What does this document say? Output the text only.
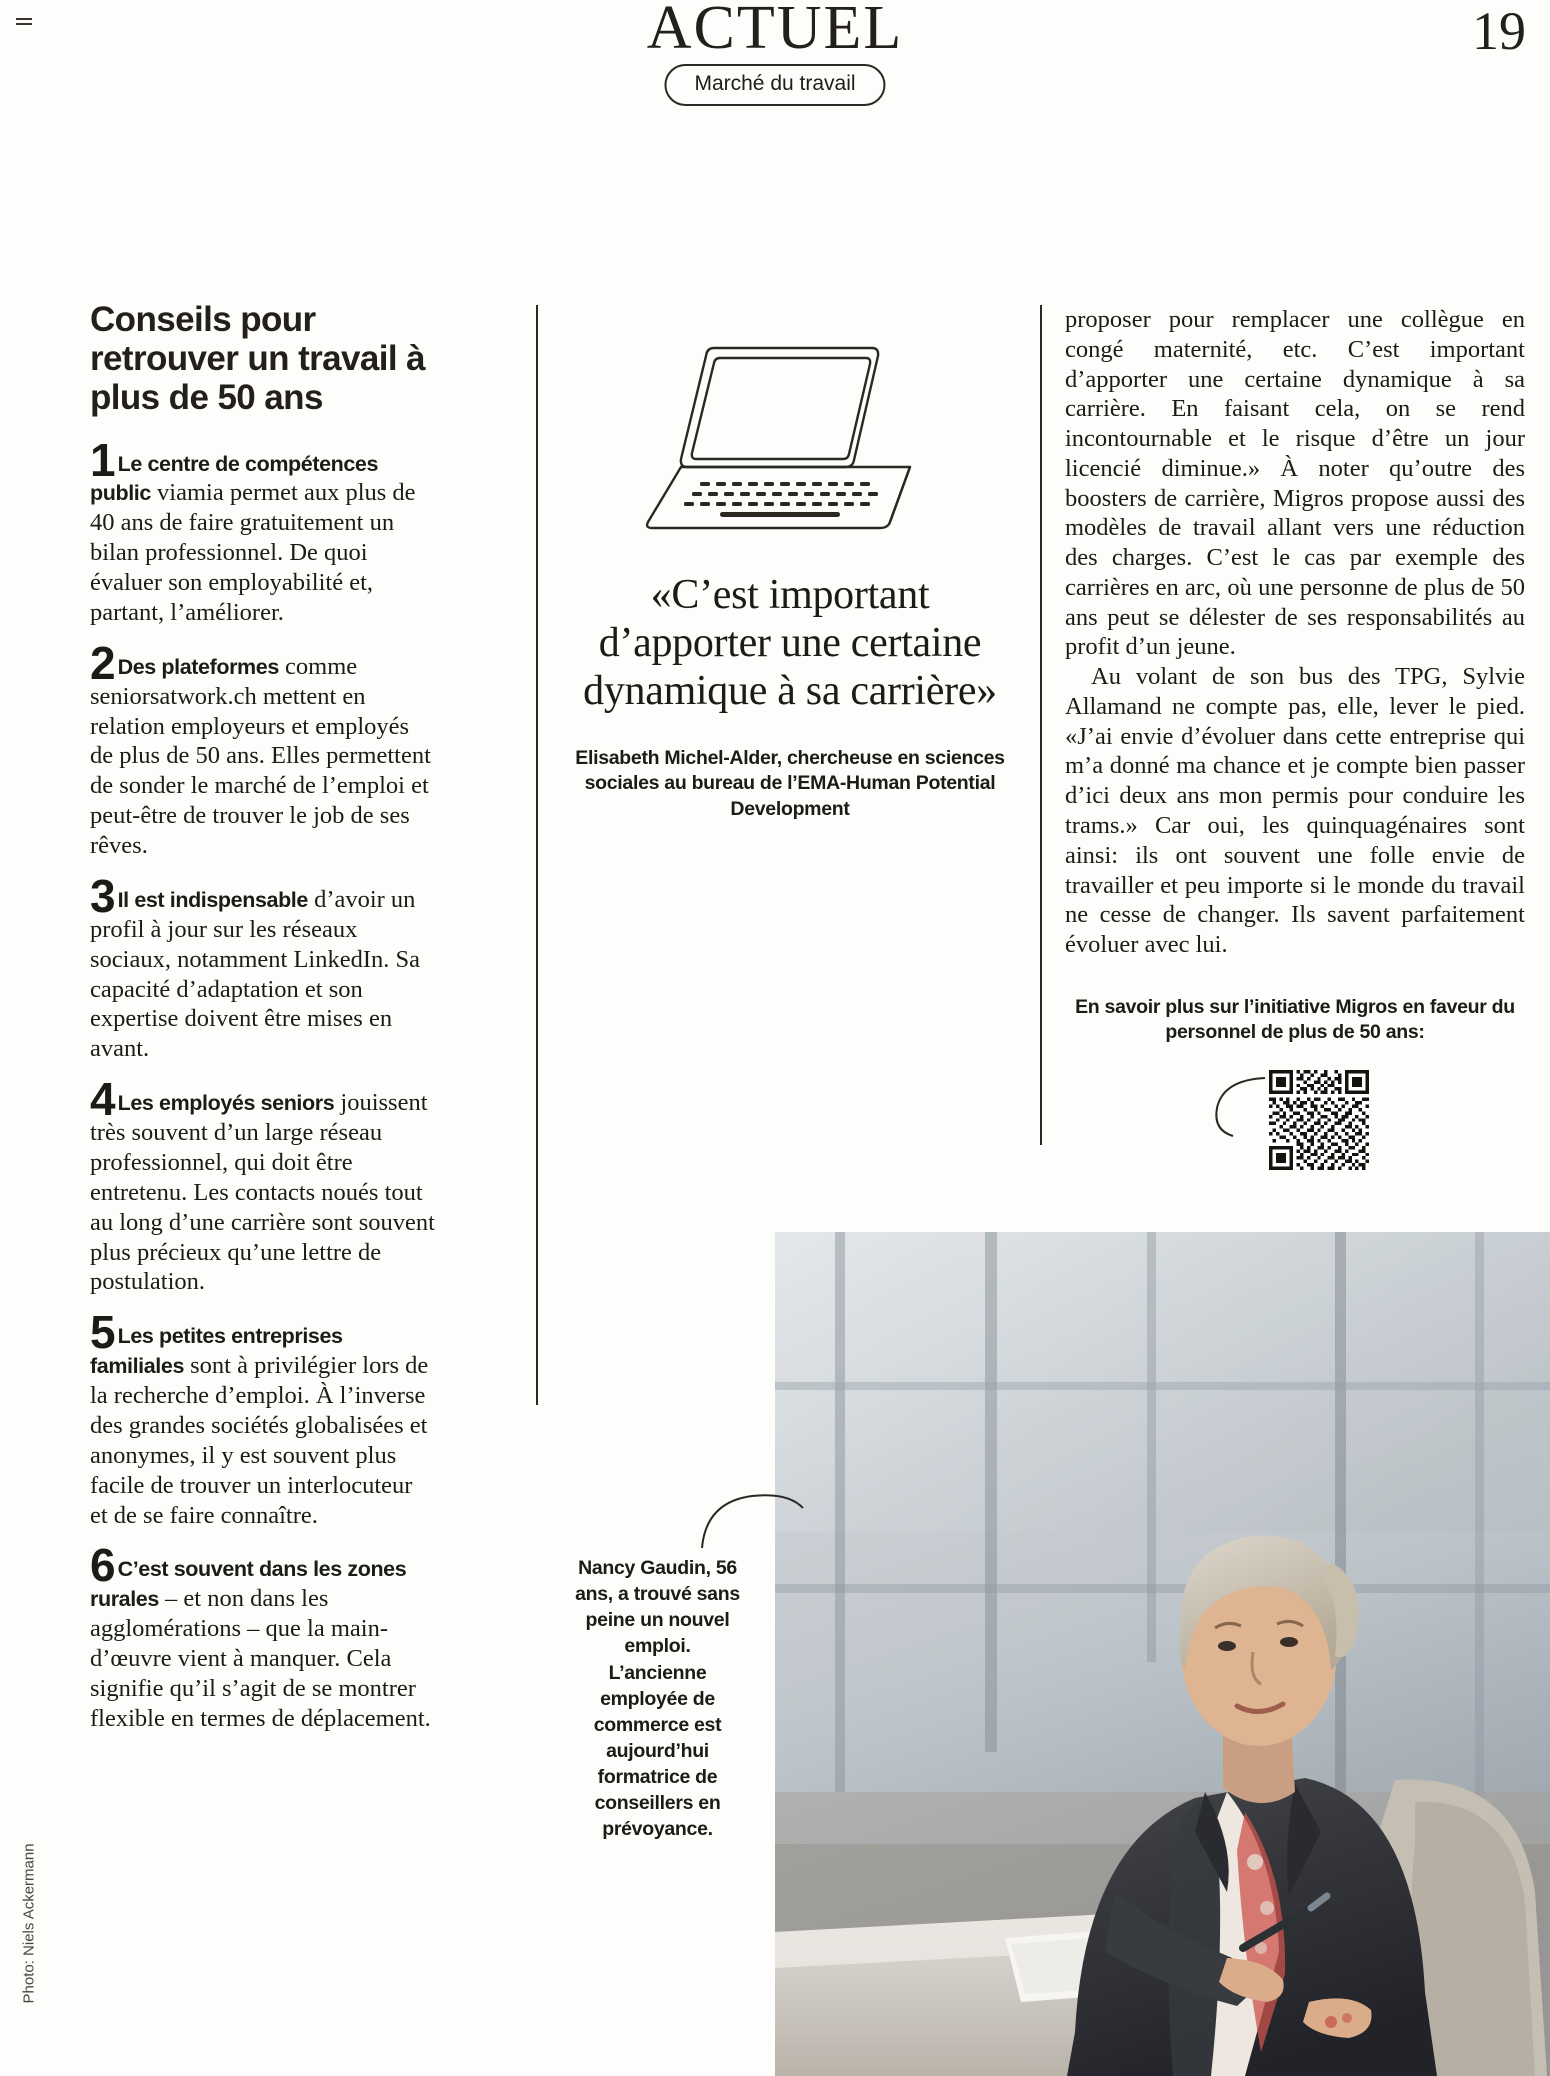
ACTUEL
Marché du travail
19
Conseils pour retrouver un travail à plus de 50 ans

1 Le centre de compétences public viamia permet aux plus de 40 ans de faire gratuitement un bilan professionnel. De quoi évaluer son employabilité et, partant, l’améliorer.

2 Des plateformes comme seniorsatwork.ch mettent en relation employeurs et employés de plus de 50 ans. Elles permettent de sonder le marché de l’emploi et peut-être de trouver le job de ses rêves.

3 Il est indispensable d’avoir un profil à jour sur les réseaux sociaux, notamment LinkedIn. Sa capacité d’adaptation et son expertise doivent être mises en avant.

4 Les employés seniors jouissent très souvent d’un large réseau professionnel, qui doit être entretenu. Les contacts noués tout au long d’une carrière sont souvent plus précieux qu’une lettre de postulation.

5 Les petites entreprises familiales sont à privilégier lors de la recherche d’emploi. À l’inverse des grandes sociétés globalisées et anonymes, il y est souvent plus facile de trouver un interlocuteur et de se faire connaître.

6 C’est souvent dans les zones rurales – et non dans les agglomérations – que la main-d’œuvre vient à manquer. Cela signifie qu’il s’agit de se montrer flexible en termes de déplacement.

«C’est important d’apporter une certaine dynamique à sa carrière»
Elisabeth Michel-Alder, chercheuse en sciences sociales au bureau de l’EMA-Human Potential Development

proposer pour remplacer une collègue en congé maternité, etc. C’est important d’apporter une certaine dynamique à sa carrière. En faisant cela, on se rend incontournable et le risque d’être un jour licencié diminue.» À noter qu’outre des boosters de carrière, Migros propose aussi des modèles de travail allant vers une réduction des charges. C’est le cas par exemple des carrières en arc, où une personne de plus de 50 ans peut se délester de ses responsabilités au profit d’un jeune.

Au volant de son bus des TPG, Sylvie Allamand ne compte pas, elle, lever le pied. «J’ai envie d’évoluer dans cette entreprise qui m’a donné ma chance et je compte bien passer d’ici deux ans mon permis pour conduire les trams.» Car oui, les quinquagénaires sont ainsi: ils ont souvent une folle envie de travailler et peu importe si le monde du travail ne cesse de changer. Ils savent parfaitement évoluer avec lui.

En savoir plus sur l’initiative Migros en faveur du personnel de plus de 50 ans:
Nancy Gaudin, 56 ans, a trouvé sans peine un nouvel emploi. L’ancienne employée de commerce est aujourd’hui formatrice de conseillers en prévoyance.
Photo: Niels Ackermann
